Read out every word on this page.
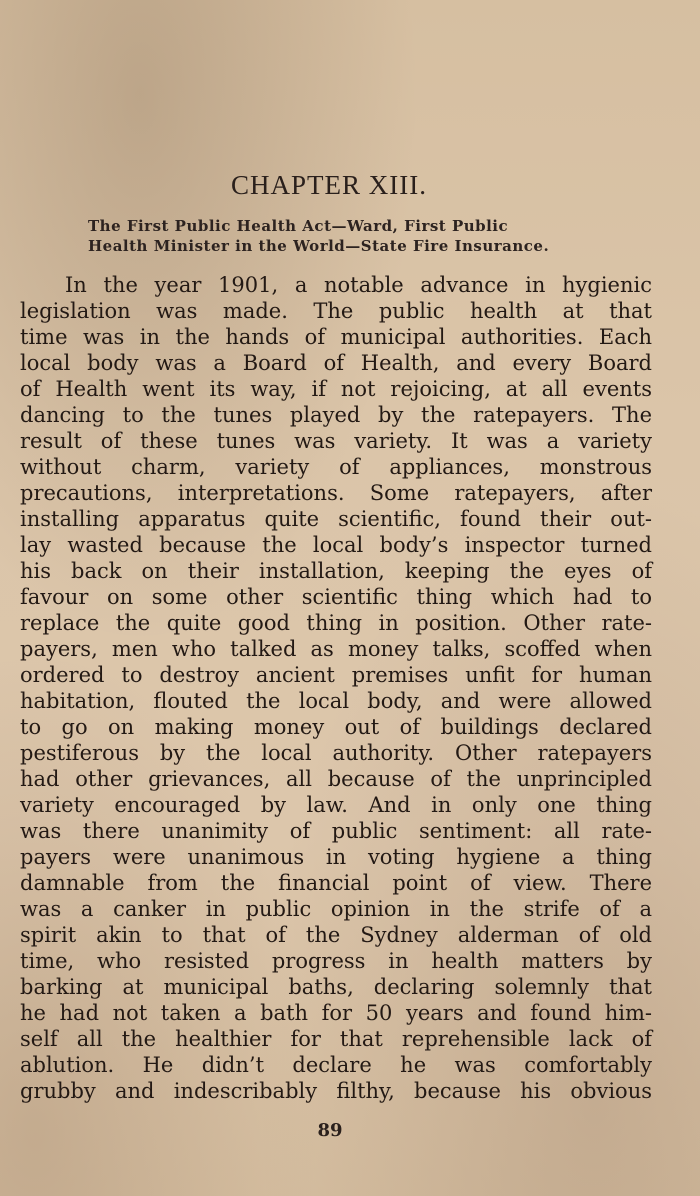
CHAPTER XIII.
The First Public Health Act—Ward, First Public
Health Minister in the World—State Fire Insurance.
In the year 1901, a notable advance in hygienic
legislation was made. The public health at that
time was in the hands of municipal authorities. Each
local body was a Board of Health, and every Board
of Health went its way, if not rejoicing, at all events
dancing to the tunes played by the ratepayers. The
result of these tunes was variety. It was a variety
without charm, variety of appliances, monstrous
precautions, interpretations. Some ratepayers, after
installing apparatus quite scientific, found their out-
lay wasted because the local body’s inspector turned
his back on their installation, keeping the eyes of
favour on some other scientific thing which had to
replace the quite good thing in position. Other rate-
payers, men who talked as money talks, scoffed when
ordered to destroy ancient premises unfit for human
habitation, flouted the local body, and were allowed
to go on making money out of buildings declared
pestiferous by the local authority. Other ratepayers
had other grievances, all because of the unprincipled
variety encouraged by law. And in only one thing
was there unanimity of public sentiment: all rate-
payers were unanimous in voting hygiene a thing
damnable from the financial point of view. There
was a canker in public opinion in the strife of a
spirit akin to that of the Sydney alderman of old
time, who resisted progress in health matters by
barking at municipal baths, declaring solemnly that
he had not taken a bath for 50 years and found him-
self all the healthier for that reprehensible lack of
ablution. He didn’t declare he was comfortably
grubby and indescribably filthy, because his obvious
89
